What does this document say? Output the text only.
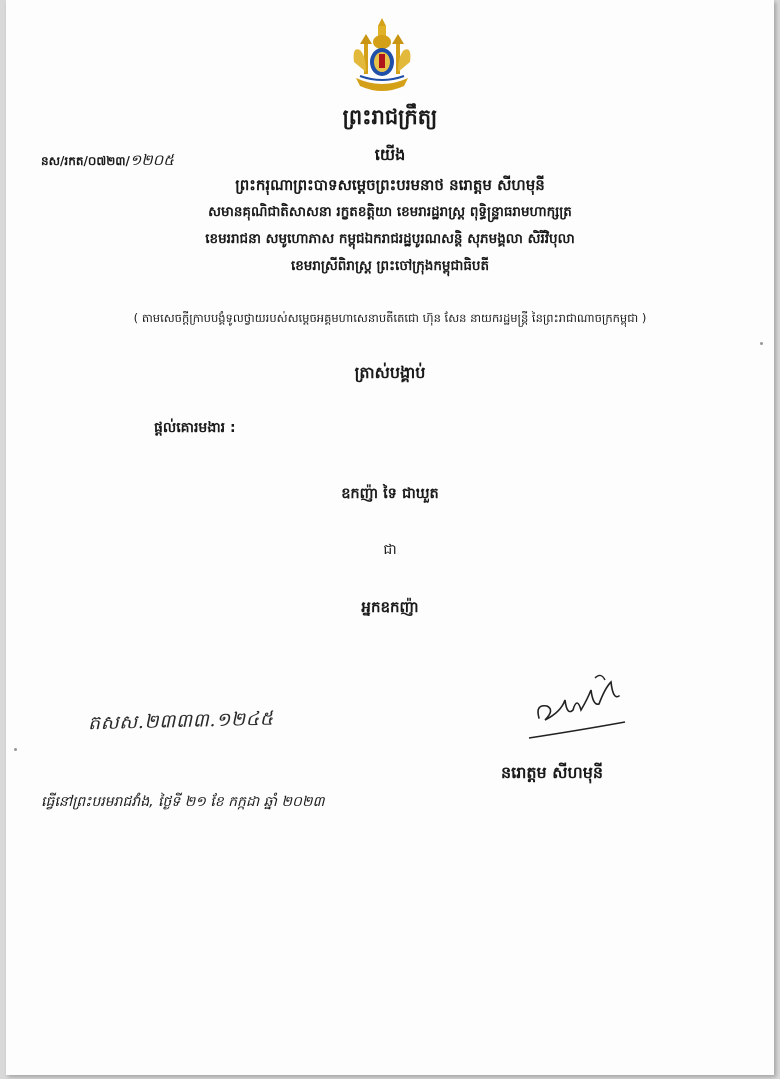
ព្រះរាជក្រឹត្យ
នស/រកត/០៧២៣/១២០៥	យើង
ព្រះករុណាព្រះបាទសម្តេចព្រះបរមនាថ នរោត្តម សីហមុនី
សមានគុណិជាតិសាសនា រក្ខតខត្តិយា ខេមរារដ្ឋរាស្ត្រ ពុទ្ធិន្ទ្រាធរាមហាក្សត្រ
ខេមររាជនា សមូហោភាស កម្ពុជឯករាជរដ្ឋបូរណសន្តិ សុភមង្គលា សិរីវិបុលា
ខេមរាស្រីពិរាស្ត្រ ព្រះចៅក្រុងកម្ពុជាធិបតី
( តាមសេចក្តីក្រាបបង្គំទូលថ្វាយរបស់សម្តេចអគ្គមហាសេនាបតីតេជោ ហ៊ុន សែន នាយករដ្ឋមន្ត្រី នៃព្រះរាជាណាចក្រកម្ពុជា )
ត្រាស់បង្គាប់
ផ្តល់គោរមងារ :
ឧកញ៉ា ទៃ ជាឃួត
ជា
អ្នកឧកញ៉ា
តសស.២៣៣៣.១២៤៥
នរោត្តម សីហមុនី
ធ្វើនៅព្រះបរមរាជវាំង, ថ្ងៃទី ២១ ខែ កក្កដា ឆ្នាំ ២០២៣
